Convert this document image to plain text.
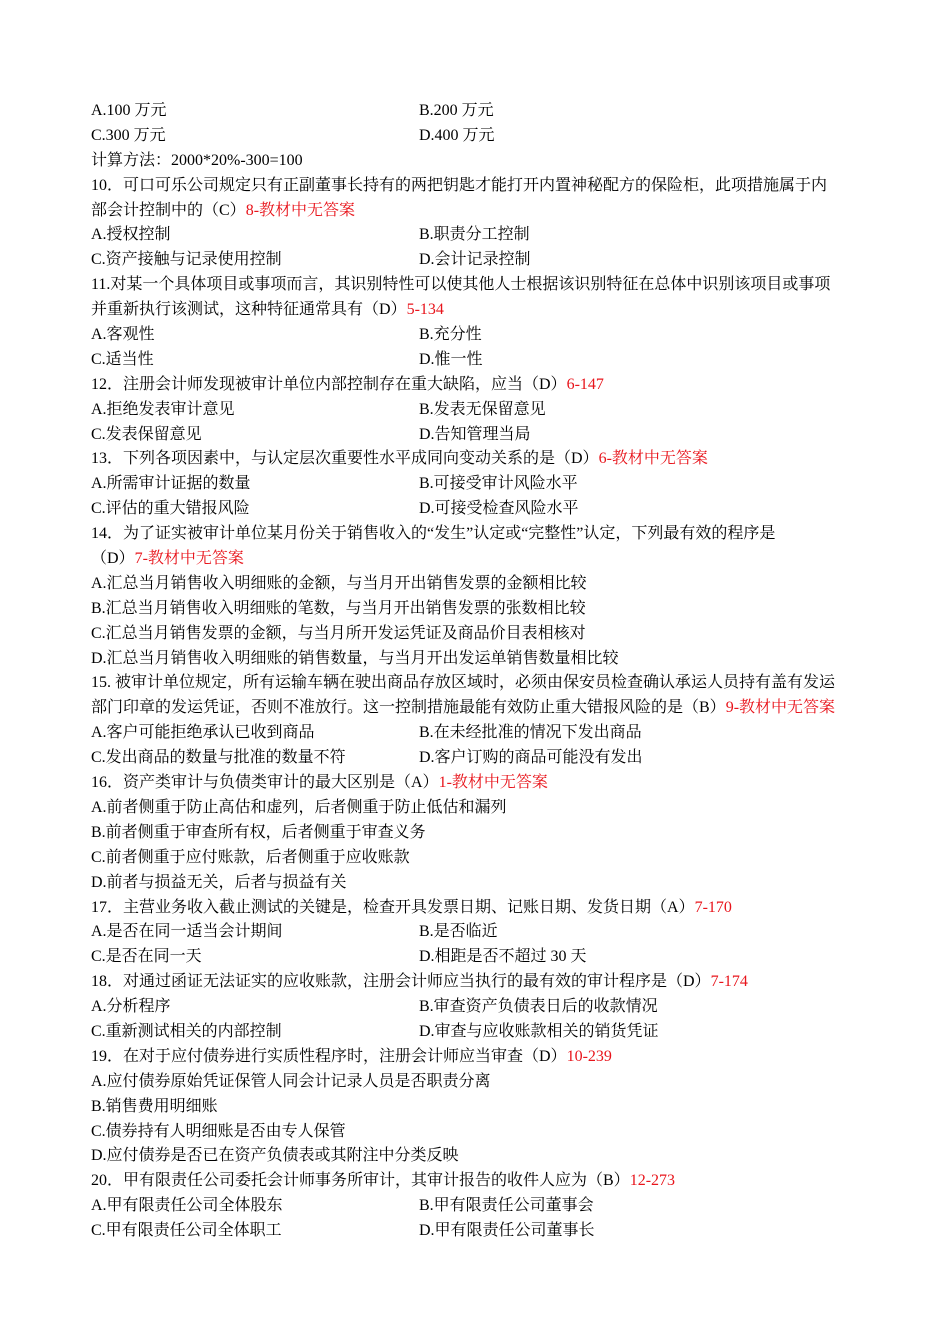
A.100 万元	B.200 万元
C.300 万元	D.400 万元
计算方法：2000*20%-300=100
10．可口可乐公司规定只有正副董事长持有的两把钥匙才能打开内置神秘配方的保险柜，此项措施属于内
部会计控制中的（C）8-教材中无答案
A.授权控制	B.职责分工控制
C.资产接触与记录使用控制	D.会计记录控制
11.对某一个具体项目或事项而言，其识别特性可以使其他人士根据该识别特征在总体中识别该项目或事项
并重新执行该测试，这种特征通常具有（D）5-134
A.客观性	B.充分性
C.适当性	D.惟一性
12．注册会计师发现被审计单位内部控制存在重大缺陷，应当（D）6-147
A.拒绝发表审计意见	B.发表无保留意见
C.发表保留意见	D.告知管理当局
13．下列各项因素中，与认定层次重要性水平成同向变动关系的是（D）6-教材中无答案
A.所需审计证据的数量	B.可接受审计风险水平
C.评估的重大错报风险	D.可接受检查风险水平
14．为了证实被审计单位某月份关于销售收入的“发生”认定或“完整性”认定，下列最有效的程序是
（D）7-教材中无答案
A.汇总当月销售收入明细账的金额，与当月开出销售发票的金额相比较
B.汇总当月销售收入明细账的笔数，与当月开出销售发票的张数相比较
C.汇总当月销售发票的金额，与当月所开发运凭证及商品价目表相核对
D.汇总当月销售收入明细账的销售数量，与当月开出发运单销售数量相比较
15. 被审计单位规定，所有运输车辆在驶出商品存放区域时，必须由保安员检查确认承运人员持有盖有发运
部门印章的发运凭证，否则不准放行。这一控制措施最能有效防止重大错报风险的是（B）9-教材中无答案
A.客户可能拒绝承认已收到商品	B.在未经批准的情况下发出商品
C.发出商品的数量与批准的数量不符	D.客户订购的商品可能没有发出
16．资产类审计与负债类审计的最大区别是（A）1-教材中无答案
A.前者侧重于防止高估和虚列，后者侧重于防止低估和漏列
B.前者侧重于审查所有权，后者侧重于审查义务
C.前者侧重于应付账款，后者侧重于应收账款
D.前者与损益无关，后者与损益有关
17．主营业务收入截止测试的关键是，检查开具发票日期、记账日期、发货日期（A）7-170
A.是否在同一适当会计期间	B.是否临近
C.是否在同一天	D.相距是否不超过 30 天
18．对通过函证无法证实的应收账款，注册会计师应当执行的最有效的审计程序是（D）7-174
A.分析程序	B.审查资产负债表日后的收款情况
C.重新测试相关的内部控制	D.审查与应收账款相关的销货凭证
19．在对于应付债券进行实质性程序时，注册会计师应当审查（D）10-239
A.应付债券原始凭证保管人同会计记录人员是否职责分离
B.销售费用明细账
C.债券持有人明细账是否由专人保管
D.应付债券是否已在资产负债表或其附注中分类反映
20．甲有限责任公司委托会计师事务所审计，其审计报告的收件人应为（B）12-273
A.甲有限责任公司全体股东	B.甲有限责任公司董事会
C.甲有限责任公司全体职工	D.甲有限责任公司董事长
